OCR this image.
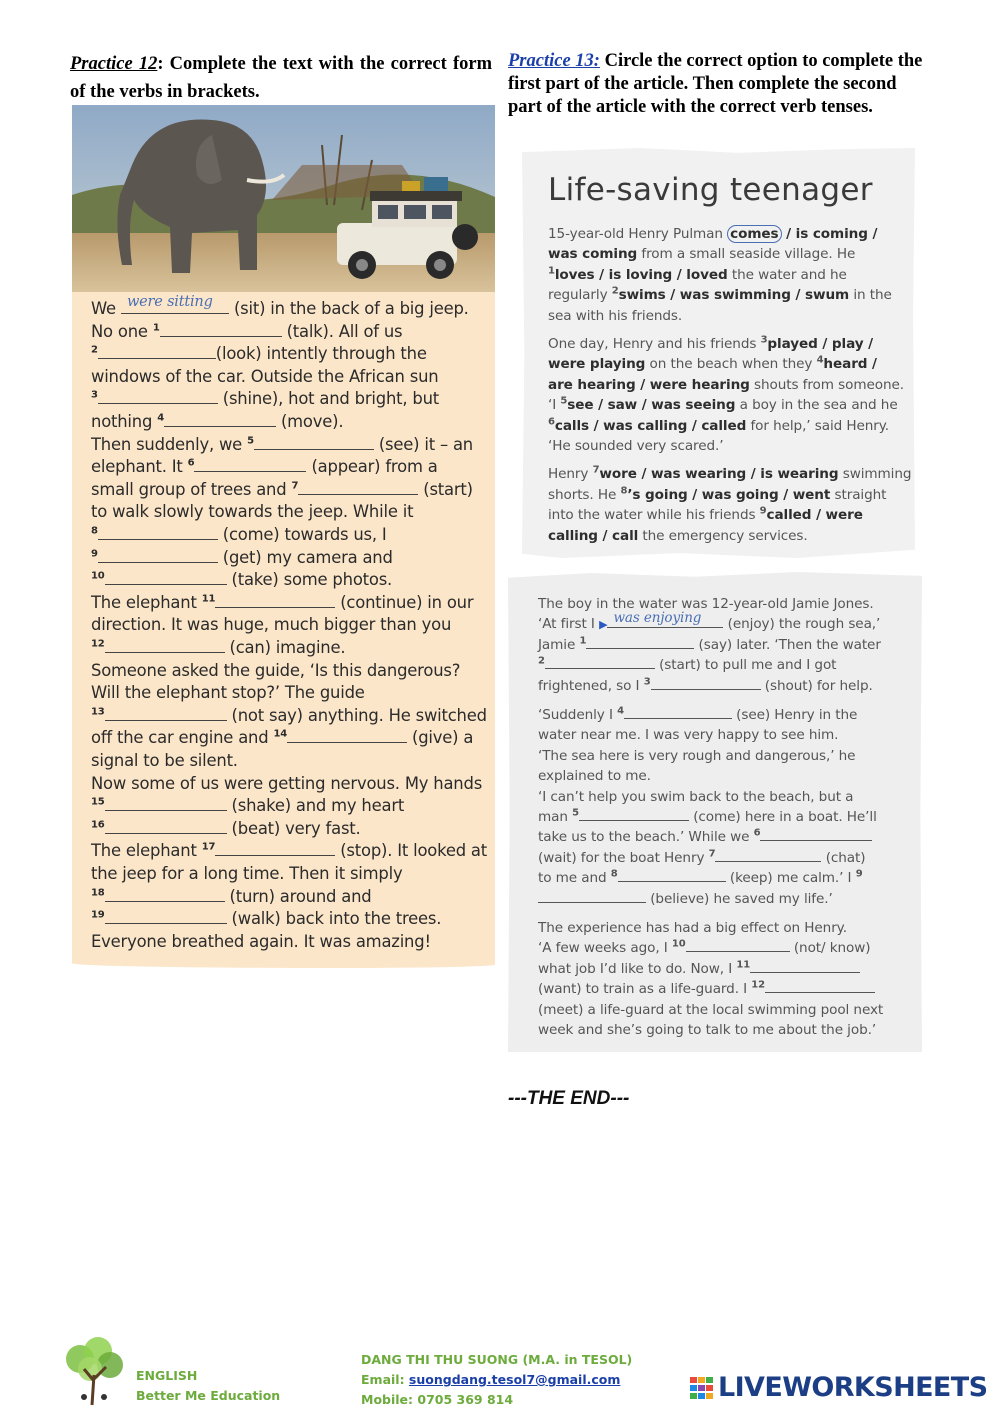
Practice 12: Complete the text with the correct form of the verbs in brackets.
Practice 13: Circle the correct option to complete the first part of the article. Then complete the second part of the article with the correct verb tenses.
We were sitting (sit) in the back of a big jeep.
No one $^1$	(talk). All of us
$^2$	(look) intently through the
windows of the car. Outside the African sun
$^3$	(shine), hot and bright, but
nothing $^4$	(move).
Then suddenly, we $^5$	(see) it – an
elephant. It $^6$	(appear) from a
small group of trees and $^7$	(start)
to walk slowly towards the jeep. While it
$^8$	(come) towards us, I
$^9$	(get) my camera and
$^{10}$	(take) some photos.
The elephant $^{11}$	(continue) in our
direction. It was huge, much bigger than you
$^{12}$	(can) imagine.
Someone asked the guide, ‘Is this dangerous?
Will the elephant stop?’ The guide
$^{13}$	(not say) anything. He switched
off the car engine and $^{14}$	(give) a
signal to be silent.
Now some of us were getting nervous. My hands
$^{15}$	(shake) and my heart
$^{16}$	(beat) very fast.
The elephant $^{17}$	(stop). It looked at
the jeep for a long time. Then it simply
$^{18}$	(turn) around and
$^{19}$	(walk) back into the trees.
Everyone breathed again. It was amazing!
Life-saving teenager
15-year-old Henry Pulman comes / is coming /
was coming from a small seaside village. He
$^1$loves / is loving / loved the water and he
regularly $^2$swims / was swimming / swum in the
sea with his friends.
One day, Henry and his friends $^3$played / play /
were playing on the beach when they $^4$heard /
are hearing / were hearing shouts from someone.
‘I $^5$see / saw / was seeing a boy in the sea and he
$^6$calls / was calling / called for help,’ said Henry.
‘He sounded very scared.’
Henry $^7$wore / was wearing / is wearing swimming
shorts. He $^8$’s going / was going / went straight
into the water while his friends $^9$called / were
calling / call the emergency services.
The boy in the water was 12-year-old Jamie Jones.
‘At first I ▶ was enjoying (enjoy) the rough sea,’
Jamie $^1$	(say) later. ‘Then the water
$^2$	(start) to pull me and I got
frightened, so I $^3$	(shout) for help.
‘Suddenly I $^4$	(see) Henry in the
water near me. I was very happy to see him.
‘The sea here is very rough and dangerous,’ he
explained to me.
‘I can’t help you swim back to the beach, but a
man $^5$	(come) here in a boat. He’ll
take us to the beach.’ While we $^6$
(wait) for the boat Henry $^7$	(chat)
to me and $^8$	(keep) me calm.’ I $^9$
(believe) he saved my life.’
The experience has had a big effect on Henry.
‘A few weeks ago, I $^{10}$	(not/ know)
what job I’d like to do. Now, I $^{11}$
(want) to train as a life-guard. I $^{12}$
(meet) a life-guard at the local swimming pool next
week and she’s going to talk to me about the job.’
---THE END---
ENGLISH
Better Me Education
DANG THI THU SUONG (M.A. in TESOL)
Email: suongdang.tesol7@gmail.com
Mobile: 0705 369 814	LIVEWORKSHEETS
